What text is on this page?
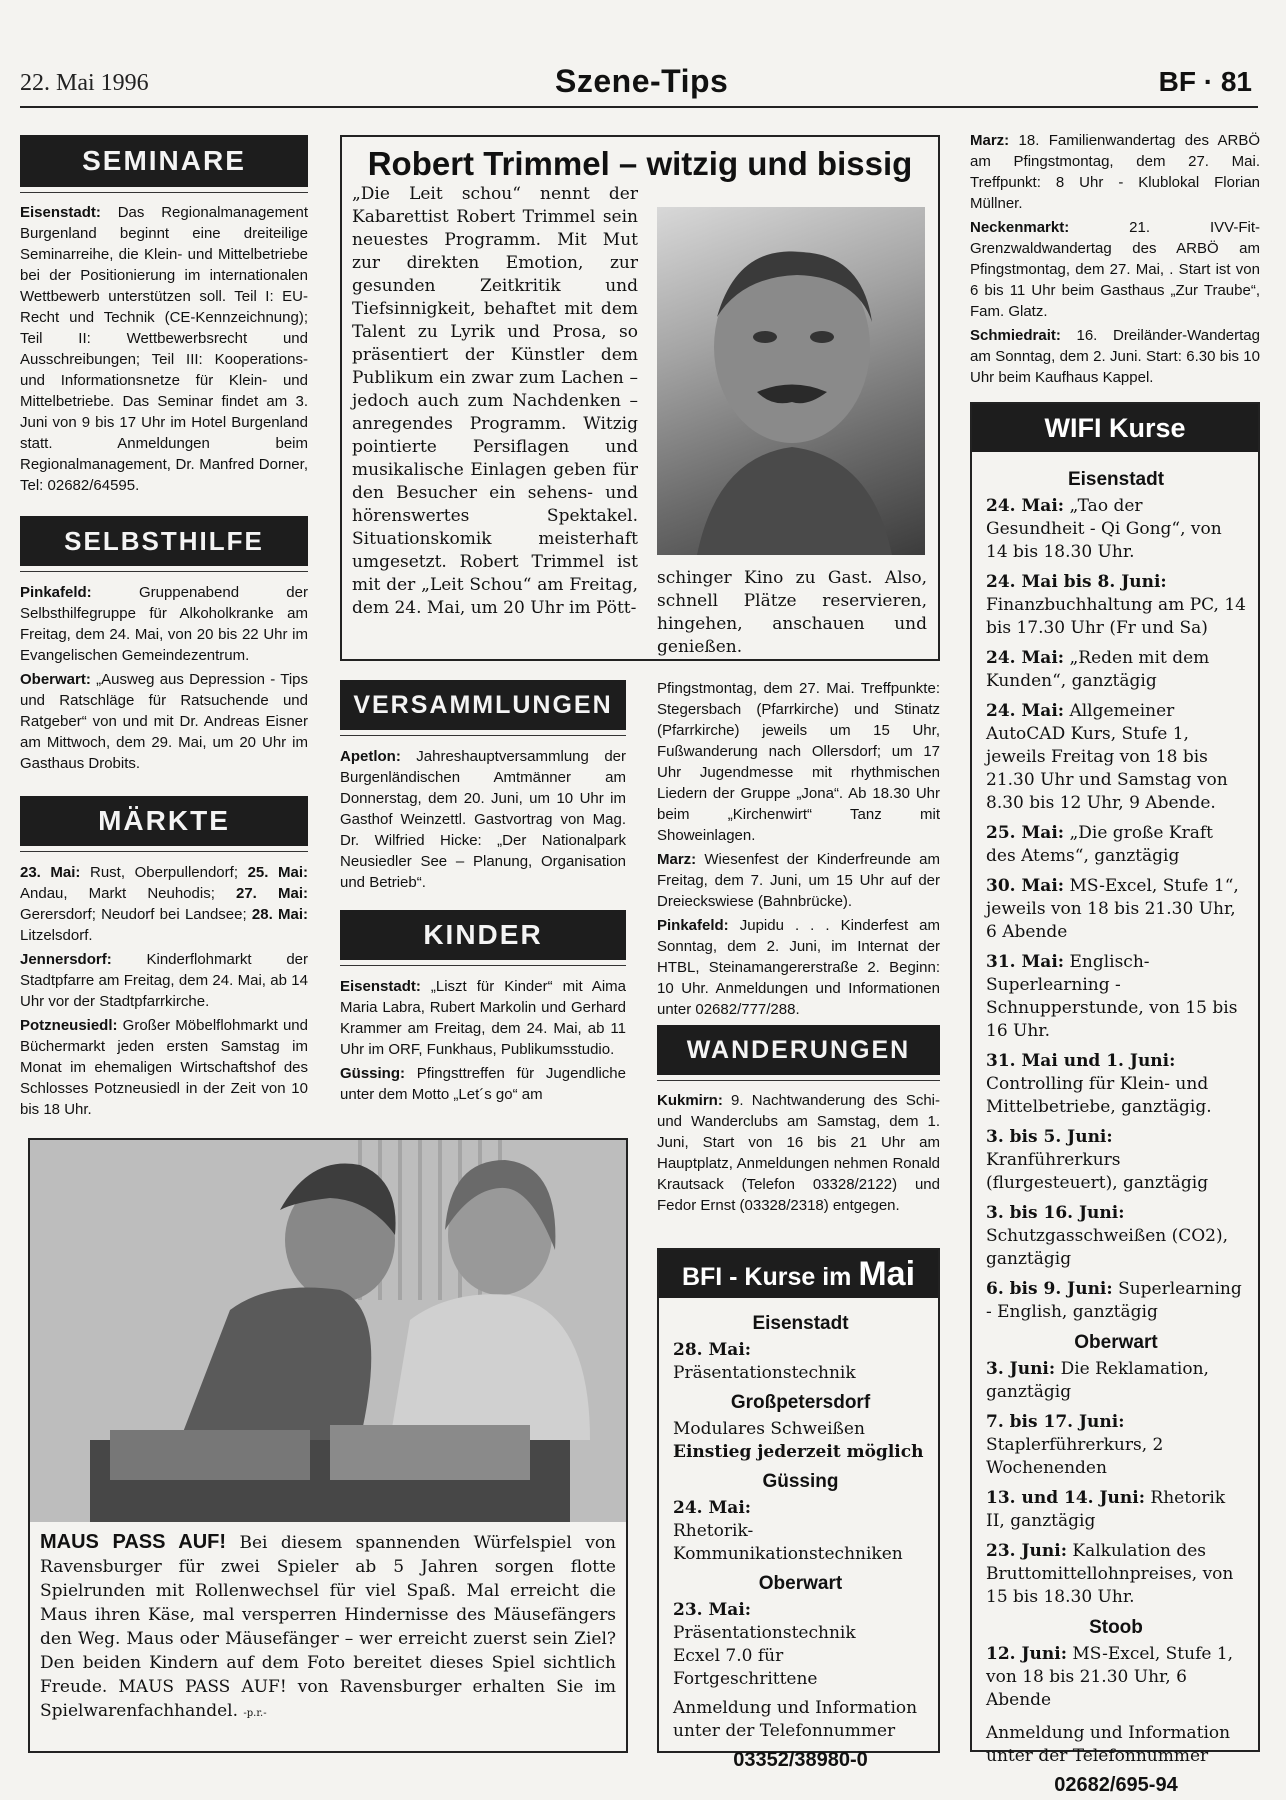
22. Mai 1996	Szene-Tips	BF · 81
SEMINARE

Eisenstadt: Das Regionalmanagement Burgenland beginnt eine dreiteilige Seminarreihe, die Klein- und Mittelbetriebe bei der Positionierung im internationalen Wettbewerb unterstützen soll. Teil I: EU-Recht und Technik (CE-Kennzeichnung); Teil II: Wettbewerbsrecht und Ausschreibungen; Teil III: Kooperations- und Informationsnetze für Klein- und Mittelbetriebe. Das Seminar findet am 3. Juni von 9 bis 17 Uhr im Hotel Burgenland statt. Anmeldungen beim Regionalmanagement, Dr. Manfred Dorner, Tel: 02682/64595.

SELBSTHILFE

Pinkafeld: Gruppenabend der Selbsthilfegruppe für Alkoholkranke am Freitag, dem 24. Mai, von 20 bis 22 Uhr im Evangelischen Gemeindezentrum.

Oberwart: „Ausweg aus Depression - Tips und Ratschläge für Ratsuchende und Ratgeber“ von und mit Dr. Andreas Eisner am Mittwoch, dem 29. Mai, um 20 Uhr im Gasthaus Drobits.

MÄRKTE

23. Mai: Rust, Oberpullendorf; 25. Mai: Andau, Markt Neuhodis; 27. Mai: Gerersdorf; Neudorf bei Landsee; 28. Mai: Litzelsdorf.

Jennersdorf: Kinderflohmarkt der Stadtpfarre am Freitag, dem 24. Mai, ab 14 Uhr vor der Stadtpfarrkirche.

Potzneusiedl: Großer Möbelflohmarkt und Büchermarkt jeden ersten Samstag im Monat im ehemaligen Wirtschaftshof des Schlosses Potzneusiedl in der Zeit von 10 bis 18 Uhr.

Robert Trimmel – witzig und bissig
„Die Leit schou“ nennt der Kabarettist Robert Trimmel sein neuestes Programm. Mit Mut zur direkten Emotion, zur gesunden Zeitkritik und Tiefsinnigkeit, behaftet mit dem Talent zu Lyrik und Prosa, so präsentiert der Künstler dem Publikum ein zwar zum Lachen – jedoch auch zum Nachdenken – anregendes Programm. Witzig pointierte Persiflagen und musikalische Einlagen geben für den Besucher ein sehens- und hörenswertes Spektakel. Situationskomik meisterhaft umgesetzt. Robert Trimmel ist mit der „Leit Schou“ am Freitag, dem 24. Mai, um 20 Uhr im Pött-
schinger Kino zu Gast. Also, schnell Plätze reservieren, hingehen, anschauen und genießen.
VERSAMMLUNGEN

Apetlon: Jahreshauptversammlung der Burgenländischen Amtmänner am Donnerstag, dem 20. Juni, um 10 Uhr im Gasthof Weinzettl. Gastvortrag von Mag. Dr. Wilfried Hicke: „Der Nationalpark Neusiedler See – Planung, Organisation und Betrieb“.

KINDER

Eisenstadt: „Liszt für Kinder“ mit Aima Maria Labra, Rubert Markolin und Gerhard Krammer am Freitag, dem 24. Mai, ab 11 Uhr im ORF, Funkhaus, Publikumsstudio.

Güssing: Pfingsttreffen für Jugendliche unter dem Motto „Let´s go“ am

Pfingstmontag, dem 27. Mai. Treffpunkte: Stegersbach (Pfarrkirche) und Stinatz (Pfarrkirche) jeweils um 15 Uhr, Fußwanderung nach Ollersdorf; um 17 Uhr Jugendmesse mit rhythmischen Liedern der Gruppe „Jona“. Ab 18.30 Uhr beim „Kirchenwirt“ Tanz mit Showeinlagen.

Marz: Wiesenfest der Kinderfreunde am Freitag, dem 7. Juni, um 15 Uhr auf der Dreieckswiese (Bahnbrücke).

Pinkafeld: Jupidu . . . Kinderfest am Sonntag, dem 2. Juni, im Internat der HTBL, Steinamangererstraße 2. Beginn: 10 Uhr. Anmeldungen und Informationen unter 02682/777/288.

WANDERUNGEN

Kukmirn: 9. Nachtwanderung des Schi- und Wanderclubs am Samstag, dem 1. Juni, Start von 16 bis 21 Uhr am Hauptplatz, Anmeldungen nehmen Ronald Krautsack (Telefon 03328/2122) und Fedor Ernst (03328/2318) entgegen.

BFI - Kurse im Mai
Eisenstadt
28. Mai:
Präsentationstechnik
Großpetersdorf
Modulares Schweißen
Einstieg jederzeit möglich
Güssing
24. Mai:
Rhetorik-Kommunikationstechniken
Oberwart
23. Mai:
Präsentationstechnik
Ecxel 7.0 für Fortgeschrittene
Anmeldung und Information unter der Telefonnummer
03352/38980-0
MAUS PASS AUF! Bei diesem spannenden Würfelspiel von Ravensburger für zwei Spieler ab 5 Jahren sorgen flotte Spielrunden mit Rollenwechsel für viel Spaß. Mal erreicht die Maus ihren Käse, mal versperren Hindernisse des Mäusefängers den Weg. Maus oder Mäusefänger – wer erreicht zuerst sein Ziel? Den beiden Kindern auf dem Foto bereitet dieses Spiel sichtlich Freude. MAUS PASS AUF! von Ravensburger erhalten Sie im Spielwarenfachhandel. -p.r.-

Marz: 18. Familienwandertag des ARBÖ am Pfingstmontag, dem 27. Mai. Treffpunkt: 8 Uhr - Klublokal Florian Müllner.

Neckenmarkt: 21. IVV-Fit-Grenzwaldwandertag des ARBÖ am Pfingstmontag, dem 27. Mai, . Start ist von 6 bis 11 Uhr beim Gasthaus „Zur Traube“, Fam. Glatz.

Schmiedrait: 16. Dreiländer-Wandertag am Sonntag, dem 2. Juni. Start: 6.30 bis 10 Uhr beim Kaufhaus Kappel.

WIFI Kurse
Eisenstadt
24. Mai: „Tao der Gesundheit - Qi Gong“, von 14 bis 18.30 Uhr.
24. Mai bis 8. Juni: Finanzbuchhaltung am PC, 14 bis 17.30 Uhr (Fr und Sa)
24. Mai: „Reden mit dem Kunden“, ganztägig
24. Mai: Allgemeiner AutoCAD Kurs, Stufe 1, jeweils Freitag von 18 bis 21.30 Uhr und Samstag von 8.30 bis 12 Uhr, 9 Abende.
25. Mai: „Die große Kraft des Atems“, ganztägig
30. Mai: MS-Excel, Stufe 1“, jeweils von 18 bis 21.30 Uhr, 6 Abende
31. Mai: Englisch-Superlearning - Schnupperstunde, von 15 bis 16 Uhr.
31. Mai und 1. Juni: Controlling für Klein- und Mittelbetriebe, ganztägig.
3. bis 5. Juni: Kranführerkurs (flurgesteuert), ganztägig
3. bis 16. Juni: Schutzgasschweißen (CO2), ganztägig
6. bis 9. Juni: Superlearning - English, ganztägig
Oberwart
3. Juni: Die Reklamation, ganztägig
7. bis 17. Juni: Staplerführerkurs, 2 Wochenenden
13. und 14. Juni: Rhetorik II, ganztägig
23. Juni: Kalkulation des Bruttomittellohnpreises, von 15 bis 18.30 Uhr.
Stoob
12. Juni: MS-Excel, Stufe 1, von 18 bis 21.30 Uhr, 6 Abende
Anmeldung und Information unter der Telefonnummer
02682/695-94
